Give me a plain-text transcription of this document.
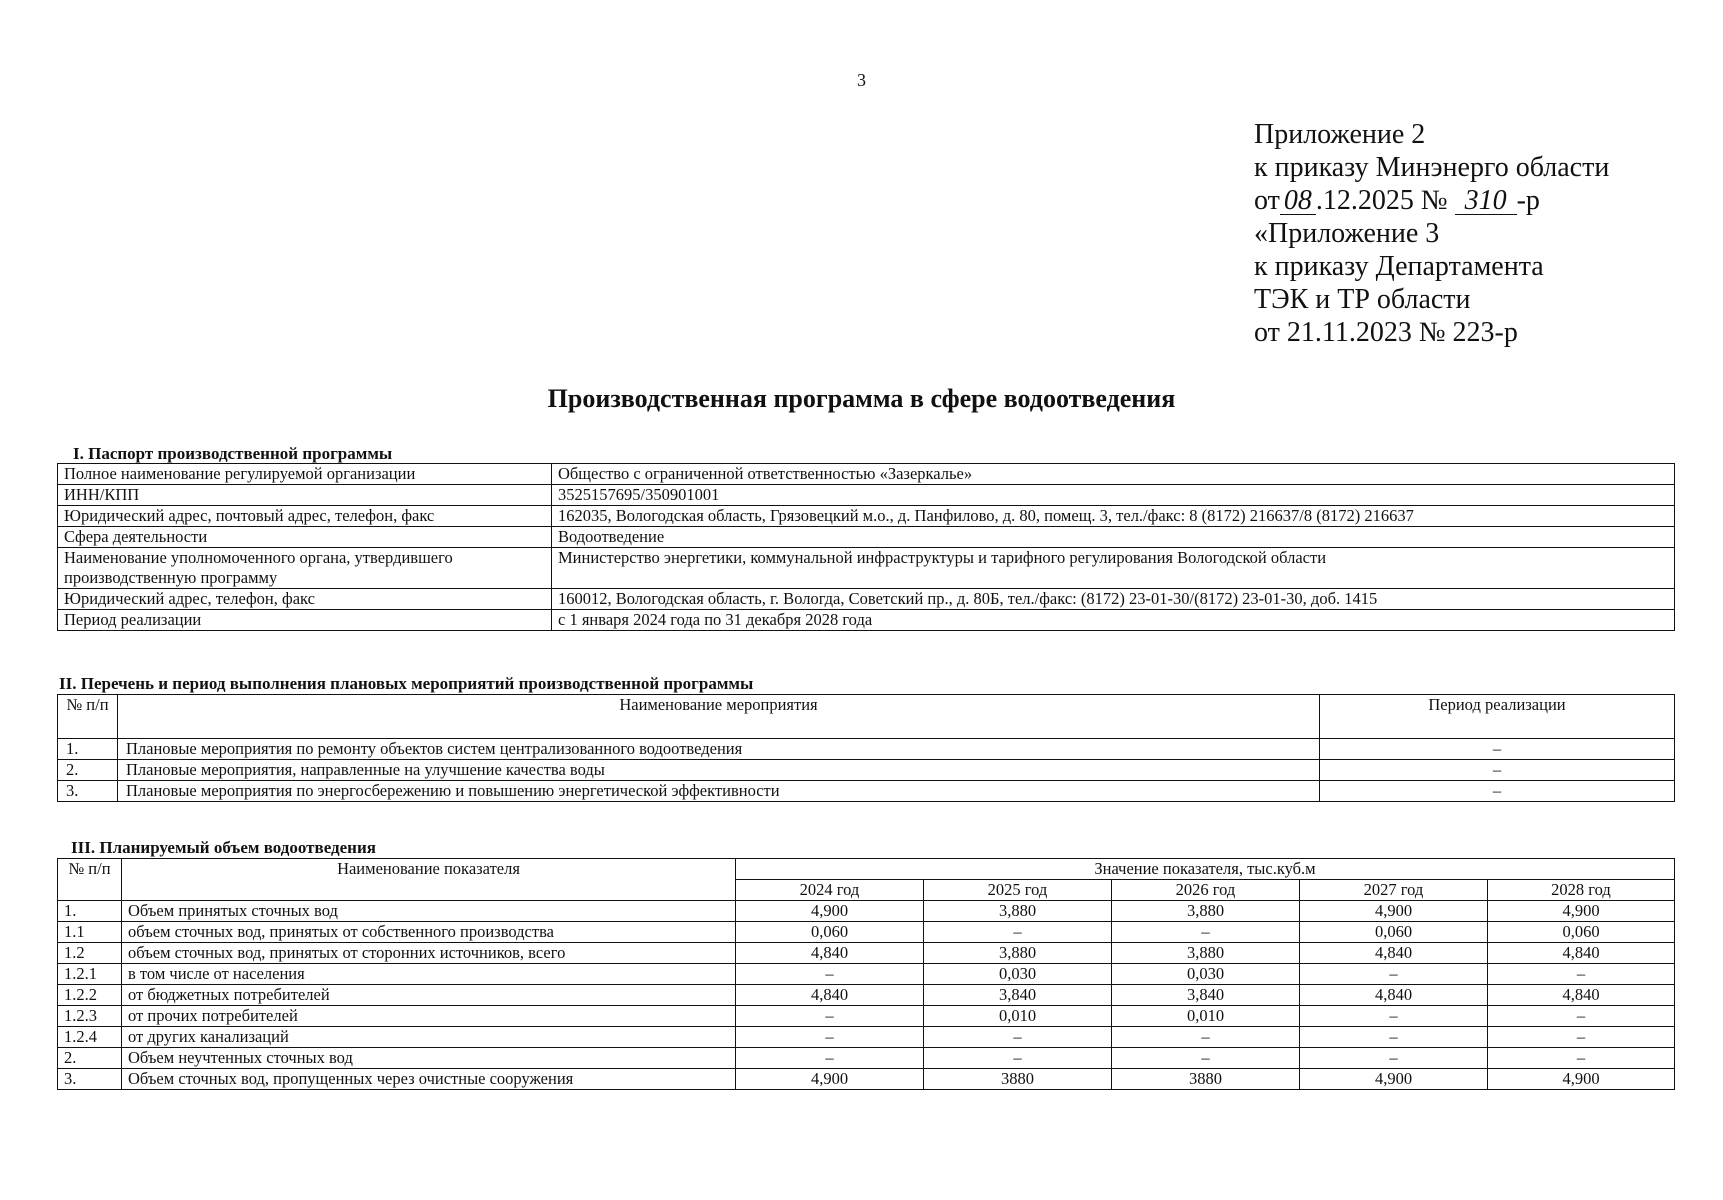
3
Приложение 2
к приказу Минэнерго области
от 08 .12.2025 № 310 -р
«Приложение 3
к приказу Департамента
ТЭК и ТР области
от 21.11.2023 № 223-р
Производственная программа в сфере водоотведения
I. Паспорт производственной программы
Полное наименование регулируемой организации	Общество с ограниченной ответственностью «Зазеркалье»
ИНН/КПП	3525157695/350901001
Юридический адрес, почтовый адрес, телефон, факс	162035, Вологодская область, Грязовецкий м.о., д. Панфилово, д. 80, помещ. 3, тел./факс: 8 (8172) 216637/8 (8172) 216637
Сфера деятельности	Водоотведение
Наименование уполномоченного органа, утвердившего производственную программу	Министерство энергетики, коммунальной инфраструктуры и тарифного регулирования Вологодской области
Юридический адрес, телефон, факс	160012, Вологодская область, г. Вологда, Советский пр., д. 80Б, тел./факс: (8172) 23-01-30/(8172) 23-01-30, доб. 1415
Период реализации	с 1 января 2024 года по 31 декабря 2028 года
II. Перечень и период выполнения плановых мероприятий производственной программы
№ п/п	Наименование мероприятия	Период реализации
1.	Плановые мероприятия по ремонту объектов систем централизованного водоотведения	–
2.	Плановые мероприятия, направленные на улучшение качества воды	–
3.	Плановые мероприятия по энергосбережению и повышению энергетической эффективности	–
III. Планируемый объем водоотведения
№ п/п	Наименование показателя	Значение показателя, тыс.куб.м				
		2024 год	2025 год	2026 год	2027 год	2028 год
1.	Объем принятых сточных вод	4,900	3,880	3,880	4,900	4,900
1.1	объем сточных вод, принятых от собственного производства	0,060	–	–	0,060	0,060
1.2	объем сточных вод, принятых от сторонних источников, всего	4,840	3,880	3,880	4,840	4,840
1.2.1	в том числе от населения	–	0,030	0,030	–	–
1.2.2	от бюджетных потребителей	4,840	3,840	3,840	4,840	4,840
1.2.3	от прочих потребителей	–	0,010	0,010	–	–
1.2.4	от других канализаций	–	–	–	–	–
2.	Объем неучтенных сточных вод	–	–	–	–	–
3.	Объем сточных вод, пропущенных через очистные сооружения	4,900	3880	3880	4,900	4,900
